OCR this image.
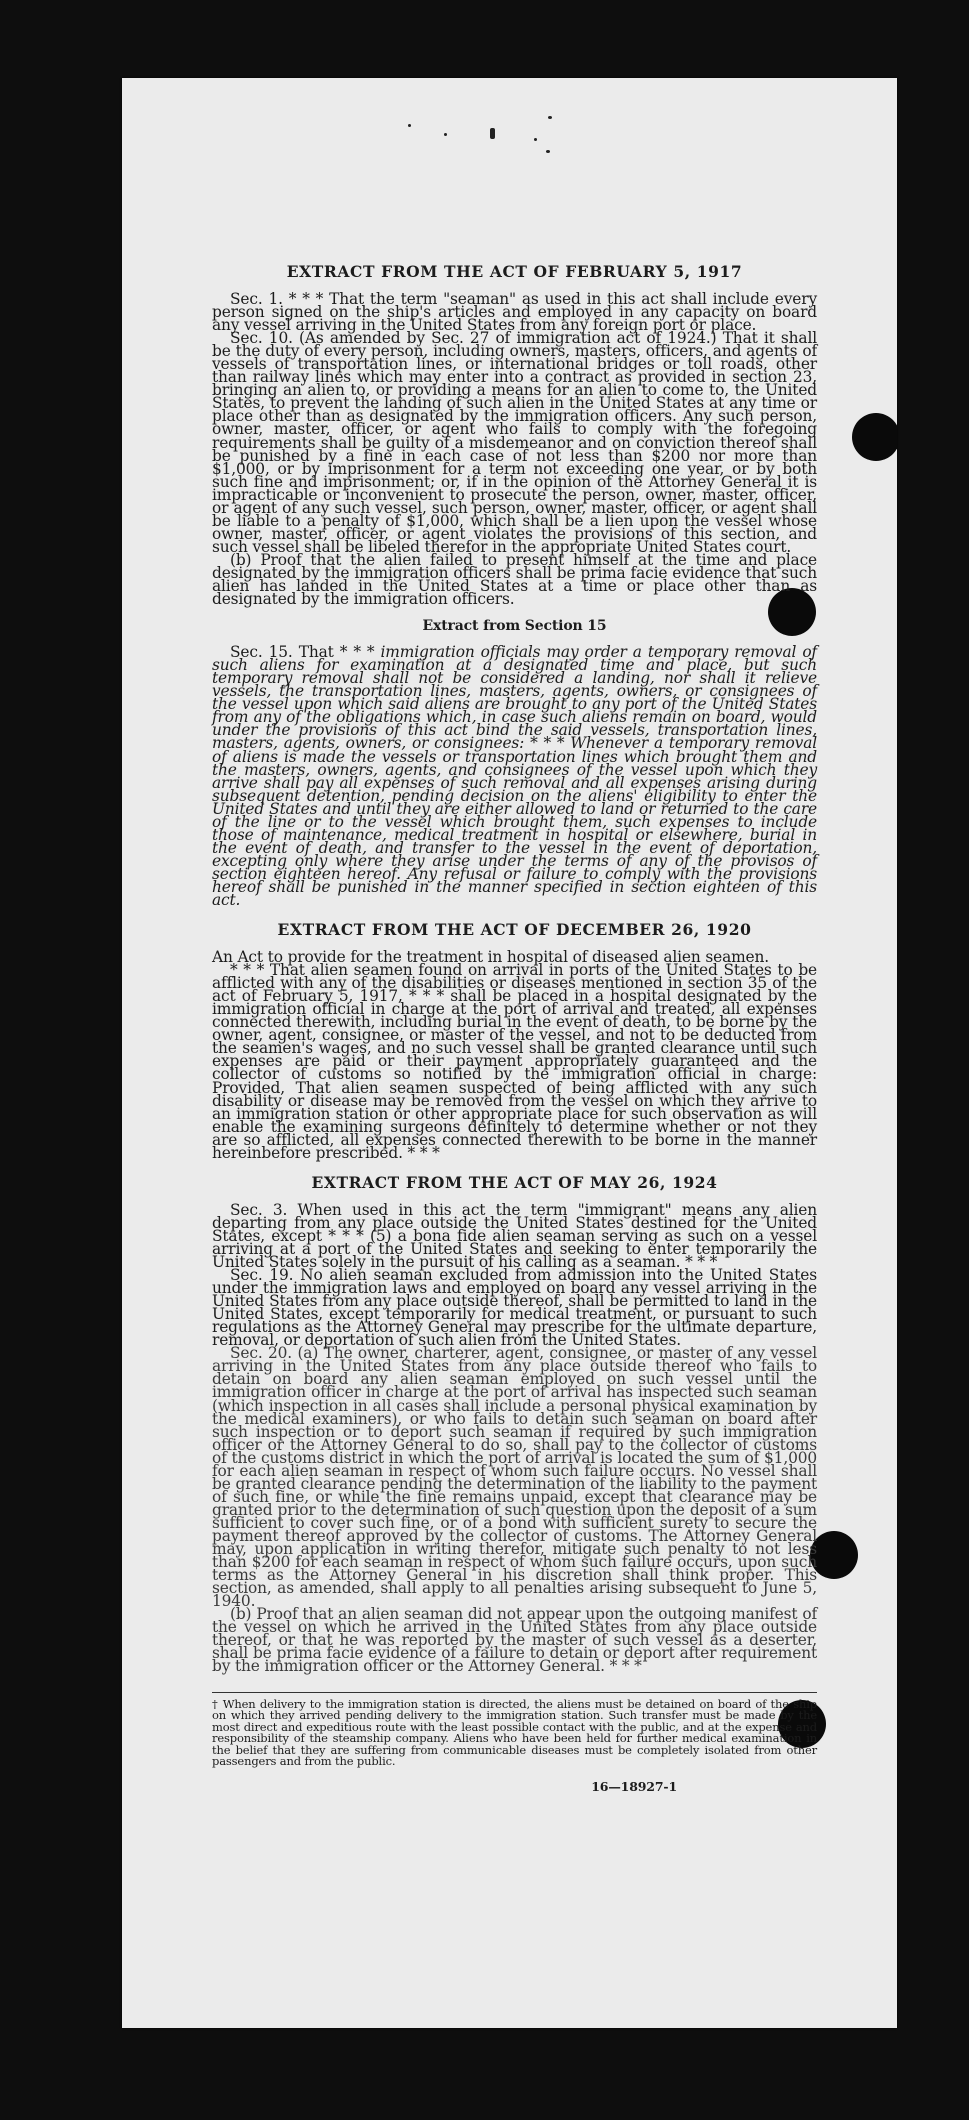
EXTRACT FROM THE ACT OF FEBRUARY 5, 1917

Sec. 1. * * * That the term "seaman" as used in this act shall include every person signed on the ship's articles and employed in any capacity on board any vessel arriving in the United States from any foreign port or place.

Sec. 10. (As amended by Sec. 27 of immigration act of 1924.) That it shall be the duty of every person, including owners, masters, officers, and agents of vessels of transportation lines, or international bridges or toll roads, other than railway lines which may enter into a contract as provided in section 23, bringing an alien to, or providing a means for an alien to come to, the United States, to prevent the landing of such alien in the United States at any time or place other than as designated by the immigration officers. Any such person, owner, master, officer, or agent who fails to comply with the foregoing requirements shall be guilty of a misdemeanor and on conviction thereof shall be punished by a fine in each case of not less than $200 nor more than $1,000, or by imprisonment for a term not exceeding one year, or by both such fine and imprisonment; or, if in the opinion of the Attorney General it is impracticable or inconvenient to prosecute the person, owner, master, officer, or agent of any such vessel, such person, owner, master, officer, or agent shall be liable to a penalty of $1,000, which shall be a lien upon the vessel whose owner, master, officer, or agent violates the provisions of this section, and such vessel shall be libeled therefor in the appropriate United States court.

(b) Proof that the alien failed to present himself at the time and place designated by the immigration officers shall be prima facie evidence that such alien has landed in the United States at a time or place other than as designated by the immigration officers.

Extract from Section 15

Sec. 15. That * * * immigration officials may order a temporary removal of such aliens for examination at a designated time and place, but such temporary removal shall not be considered a landing, nor shall it relieve vessels, the transportation lines, masters, agents, owners, or consignees of the vessel upon which said aliens are brought to any port of the United States from any of the obligations which, in case such aliens remain on board, would under the provisions of this act bind the said vessels, transportation lines, masters, agents, owners, or consignees: * * * Whenever a temporary removal of aliens is made the vessels or transportation lines which brought them and the masters, owners, agents, and consignees of the vessel upon which they arrive shall pay all expenses of such removal and all expenses arising during subsequent detention, pending decision on the aliens' eligibility to enter the United States and until they are either allowed to land or returned to the care of the line or to the vessel which brought them, such expenses to include those of maintenance, medical treatment in hospital or elsewhere, burial in the event of death, and transfer to the vessel in the event of deportation, excepting only where they arise under the terms of any of the provisos of section eighteen hereof. Any refusal or failure to comply with the provisions hereof shall be punished in the manner specified in section eighteen of this act.

EXTRACT FROM THE ACT OF DECEMBER 26, 1920

An Act to provide for the treatment in hospital of diseased alien seamen.

* * * That alien seamen found on arrival in ports of the United States to be afflicted with any of the disabilities or diseases mentioned in section 35 of the act of February 5, 1917, * * * shall be placed in a hospital designated by the immigration official in charge at the port of arrival and treated, all expenses connected therewith, including burial in the event of death, to be borne by the owner, agent, consignee, or master of the vessel, and not to be deducted from the seamen's wages, and no such vessel shall be granted clearance until such expenses are paid or their payment appropriately guaranteed and the collector of customs so notified by the immigration official in charge: Provided, That alien seamen suspected of being afflicted with any such disability or disease may be removed from the vessel on which they arrive to an immigration station or other appropriate place for such observation as will enable the examining surgeons definitely to determine whether or not they are so afflicted, all expenses connected therewith to be borne in the manner hereinbefore prescribed. * * *

EXTRACT FROM THE ACT OF MAY 26, 1924

Sec. 3. When used in this act the term "immigrant" means any alien departing from any place outside the United States destined for the United States, except * * * (5) a bona fide alien seaman serving as such on a vessel arriving at a port of the United States and seeking to enter temporarily the United States solely in the pursuit of his calling as a seaman. * * *

Sec. 19. No alien seaman excluded from admission into the United States under the immigration laws and employed on board any vessel arriving in the United States from any place outside thereof, shall be permitted to land in the United States, except temporarily for medical treatment, or pursuant to such regulations as the Attorney General may prescribe for the ultimate departure, removal, or deportation of such alien from the United States.

Sec. 20. (a) The owner, charterer, agent, consignee, or master of any vessel arriving in the United States from any place outside thereof who fails to detain on board any alien seaman employed on such vessel until the immigration officer in charge at the port of arrival has inspected such seaman (which inspection in all cases shall include a personal physical examination by the medical examiners), or who fails to detain such seaman on board after such inspection or to deport such seaman if required by such immigration officer or the Attorney General to do so, shall pay to the collector of customs of the customs district in which the port of arrival is located the sum of $1,000 for each alien seaman in respect of whom such failure occurs. No vessel shall be granted clearance pending the determination of the liability to the payment of such fine, or while the fine remains unpaid, except that clearance may be granted prior to the determination of such question upon the deposit of a sum sufficient to cover such fine, or of a bond with sufficient surety to secure the payment thereof approved by the collector of customs. The Attorney General may, upon application in writing therefor, mitigate such penalty to not less than $200 for each seaman in respect of whom such failure occurs, upon such terms as the Attorney General in his discretion shall think proper. This section, as amended, shall apply to all penalties arising subsequent to June 5, 1940.

(b) Proof that an alien seaman did not appear upon the outgoing manifest of the vessel on which he arrived in the United States from any place outside thereof, or that he was reported by the master of such vessel as a deserter, shall be prima facie evidence of a failure to detain or deport after requirement by the immigration officer or the Attorney General. * * *

† When delivery to the immigration station is directed, the aliens must be detained on board of the ship on which they arrived pending delivery to the immigration station. Such transfer must be made by the most direct and expeditious route with the least possible contact with the public, and at the expense and responsibility of the steamship company. Aliens who have been held for further medical examination in the belief that they are suffering from communicable diseases must be completely isolated from other passengers and from the public.
16—18927-1
